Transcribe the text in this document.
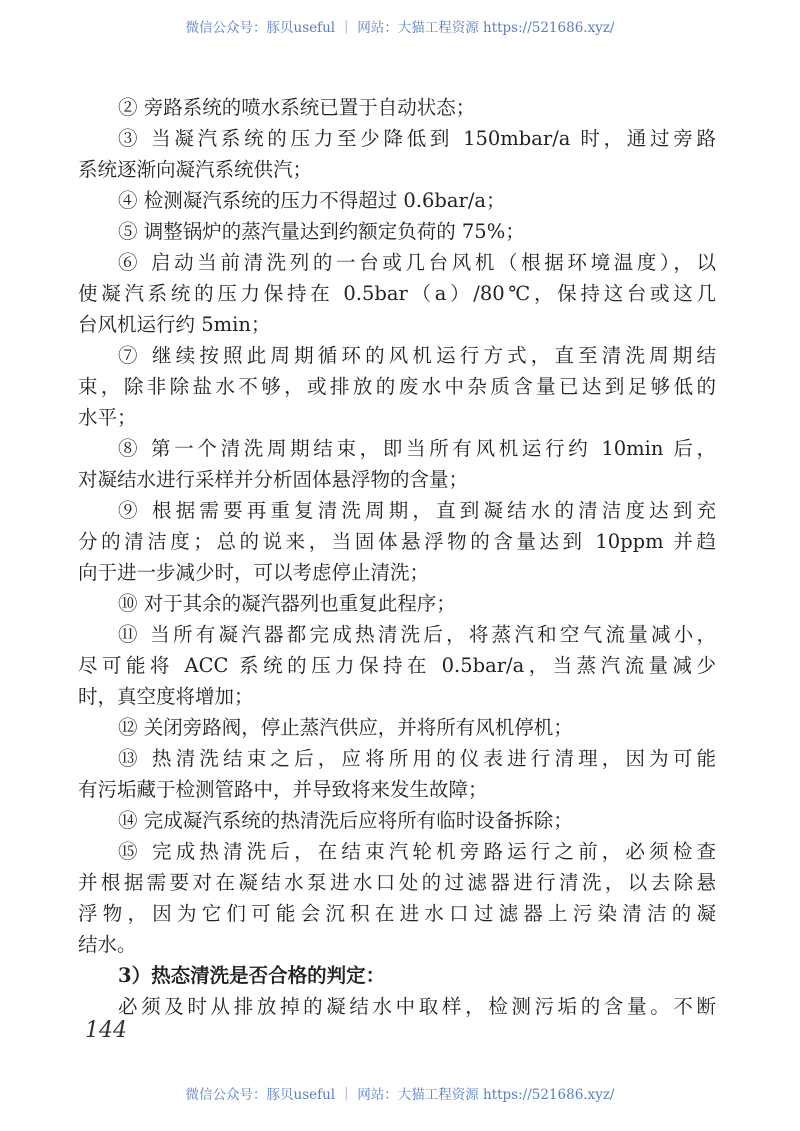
微信公众号：豚贝useful ｜ 网站：大猫工程资源 https://521686.xyz/
② 旁路系统的喷水系统已置于自动状态；
③ 当凝汽系统的压力至少降低到 150mbar/a 时，通过旁路
系统逐渐向凝汽系统供汽；
④ 检测凝汽系统的压力不得超过 0.6bar/a；
⑤ 调整锅炉的蒸汽量达到约额定负荷的 75%；
⑥ 启动当前清洗列的一台或几台风机（根据环境温度），以
使凝汽系统的压力保持在 0.5bar（a）/80℃，保持这台或这几
台风机运行约 5min；
⑦ 继续按照此周期循环的风机运行方式，直至清洗周期结
束，除非除盐水不够，或排放的废水中杂质含量已达到足够低的
水平；
⑧ 第一个清洗周期结束，即当所有风机运行约 10min 后，
对凝结水进行采样并分析固体悬浮物的含量；
⑨ 根据需要再重复清洗周期，直到凝结水的清洁度达到充
分的清洁度；总的说来，当固体悬浮物的含量达到 10ppm 并趋
向于进一步减少时，可以考虑停止清洗；
⑩ 对于其余的凝汽器列也重复此程序；
⑪ 当所有凝汽器都完成热清洗后，将蒸汽和空气流量减小，
尽可能将 ACC 系统的压力保持在 0.5bar/a，当蒸汽流量减少
时，真空度将增加；
⑫ 关闭旁路阀，停止蒸汽供应，并将所有风机停机；
⑬ 热清洗结束之后，应将所用的仪表进行清理，因为可能
有污垢藏于检测管路中，并导致将来发生故障；
⑭ 完成凝汽系统的热清洗后应将所有临时设备拆除；
⑮ 完成热清洗后，在结束汽轮机旁路运行之前，必须检查
并根据需要对在凝结水泵进水口处的过滤器进行清洗，以去除悬
浮物，因为它们可能会沉积在进水口过滤器上污染清洁的凝
结水。
3）热态清洗是否合格的判定：
必须及时从排放掉的凝结水中取样，检测污垢的含量。不断
144
微信公众号：豚贝useful ｜ 网站：大猫工程资源 https://521686.xyz/
